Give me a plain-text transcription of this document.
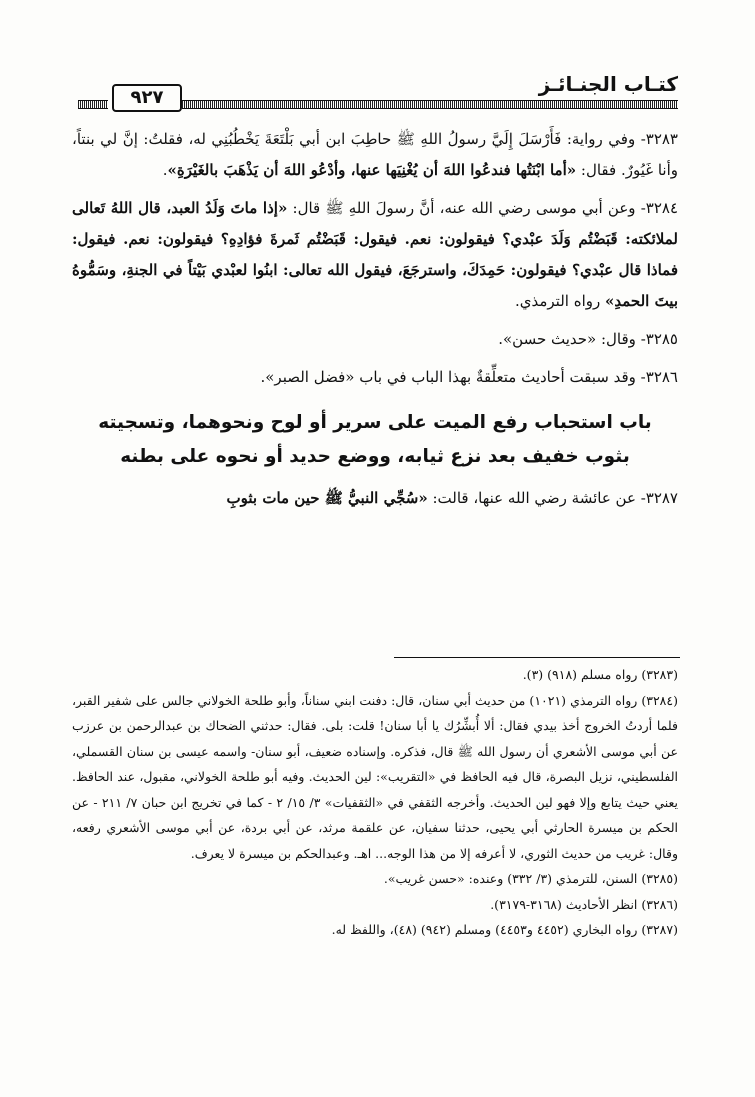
كتـاب الجنـائـز
٩٢٧

٣٢٨٣- وفي رواية: فَأَرْسَلَ إِلَيَّ رسولُ اللهِ ﷺ حاطِبَ ابن أبي بَلْتَعَةَ يَخْطُبُنِي له، فقلتُ: إنَّ لي بنتاً، وأنا غَيُورٌ. فقال: «أما ابْنَتُها فندعُوا اللهَ أن يُغْنِيَها عنها، وأدْعُو اللهَ أن يَذْهَبَ بالغَيْرَةِ».

٣٢٨٤- وعن أبي موسى رضي الله عنه، أنَّ رسولَ اللهِ ﷺ قال: «إذا ماتَ وَلَدُ العبد، قال اللهُ تَعالى لملائكته: قَبَضْتُم وَلَدَ عبْدي؟ فيقولون: نعم. فيقول: قَبَضْتُم ثَمرةَ فؤادِهِ؟ فيقولون: نعم. فيقول: فماذا قال عبْدي؟ فيقولون: حَمِدَكَ، واسترجَعَ، فيقول الله تعالى: ابنُوا لعبْدي بَيْتاً في الجنةِ، وسَمُّوهُ بيتَ الحمدِ» رواه الترمذي.

٣٢٨٥- وقال: «حديث حسن».

٣٢٨٦- وقد سبقت أحاديث متعلِّقةٌ بهذا الباب في باب «فضل الصبر».

باب استحباب رفع الميت على سرير أو لوح ونحوهما، وتسجيته
بثوب خفيف بعد نزع ثيابه، ووضع حديد أو نحوه على بطنه

٣٢٨٧- عن عائشة رضي الله عنها، قالت: «سُجِّي النبيُّ ﷺ حين مات بثوبِ

(٣٢٨٣) رواه مسلم (٩١٨) (٣).

(٣٢٨٤) رواه الترمذي (١٠٢١) من حديث أبي سنان، قال: دفنت ابني سناناً، وأبو طلحة الخولاني جالس على شفير القبر، فلما أردتُ الخروج أخذ بيدي فقال: ألا أُبشِّرُك يا أبا سنان! قلت: بلى. فقال: حدثني الضحاك بن عبدالرحمن بن عرزب عن أبي موسى الأشعري أن رسول الله ﷺ قال، فذكره. وإسناده ضعيف، أبو سنان- واسمه عيسى بن سنان القسملي، الفلسطيني، نزيل البصرة، قال فيه الحافظ في «التقريب»: لين الحديث. وفيه أبو طلحة الخولاني، مقبول، عند الحافظ. يعني حيث يتابع وإلا فهو لين الحديث. وأخرجه الثقفي في «الثقفيات» ٣/ ١٥/ ٢ - كما في تخريج ابن حبان ٧/ ٢١١ - عن الحكم بن ميسرة الحارثي أبي يحيى، حدثنا سفيان، عن علقمة مرثد، عن أبي بردة، عن أبي موسى الأشعري رفعه، وقال: غريب من حديث الثوري، لا أعرفه إلا من هذا الوجه... اهـ. وعبدالحكم بن ميسرة لا يعرف.

(٣٢٨٥) السنن، للترمذي (٣/ ٣٣٢) وعنده: «حسن غريب».

(٣٢٨٦) انظر الأحاديث (٣١٦٨-٣١٧٩).

(٣٢٨٧) رواه البخاري (٤٤٥٢ و٤٤٥٣) ومسلم (٩٤٢) (٤٨)، واللفظ له.
